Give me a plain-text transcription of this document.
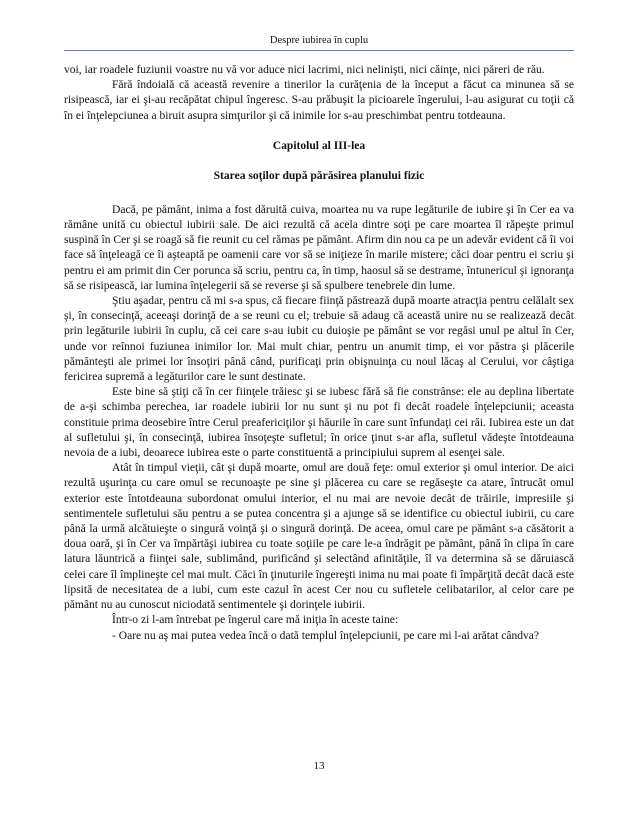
Despre iubirea în cuplu

voi, iar roadele fuziunii voastre nu vă vor aduce nici lacrimi, nici nelinişti, nici căinţe, nici păreri de rău.

Fără îndoială că această revenire a tinerilor la curăţenia de la început a făcut ca minunea să se risipească, iar ei şi-au recăpătat chipul îngeresc. S-au prăbuşit la picioarele îngerului, l-au asigurat cu toţii că în ei înţelepciunea a biruit asupra simţurilor şi că inimile lor s-au preschimbat pentru totdeauna.

Capitolul al III-lea
Starea soţilor după părăsirea planului fizic

Dacă, pe pământ, inima a fost dăruită cuiva, moartea nu va rupe legăturile de iubire şi în Cer ea va rămâne unită cu obiectul iubirii sale. De aici rezultă că acela dintre soţi pe care moartea îl răpeşte primul suspină în Cer şi se roagă să fie reunit cu cel rămas pe pământ. Afirm din nou ca pe un adevăr evident că îi voi face să înţeleagă ce îi aşteaptă pe oamenii care vor să se iniţieze în marile mistere; căci doar pentru ei scriu şi pentru ei am primit din Cer porunca să scriu, pentru ca, în timp, haosul să se destrame, întunericul şi ignoranţa să se risipească, iar lumina înţelegerii să se reverse şi să spulbere tenebrele din lume.

Ştiu aşadar, pentru că mi s-a spus, că fiecare fiinţă păstrează după moarte atracţia pentru celălalt sex şi, în consecinţă, aceeaşi dorinţă de a se reuni cu el; trebuie să adaug că această unire nu se realizează decât prin legăturile iubirii în cuplu, că cei care s-au iubit cu duioşie pe pământ se vor regăsi unul pe altul în Cer, unde vor reînnoi fuziunea inimilor lor. Mai mult chiar, pentru un anumit timp, ei vor păstra şi plăcerile pământeşti ale primei lor însoţiri până când, purificaţi prin obişnuinţa cu noul lăcaş al Cerului, vor câştiga fericirea supremă a legăturilor care le sunt destinate.

Este bine să ştiţi că în cer fiinţele trăiesc şi se iubesc fără să fie constrânse: ele au deplina libertate de a-şi schimba perechea, iar roadele iubirii lor nu sunt şi nu pot fi decât roadele înţelepciunii; aceasta constituie prima deosebire între Cerul preafericiţilor şi hăurile în care sunt înfundaţi cei răi. Iubirea este un dat al sufletului şi, în consecinţă, iubirea însoţeşte sufletul; în orice ţinut s-ar afla, sufletul vădeşte întotdeauna nevoia de a iubi, deoarece iubirea este o parte constituentă a principiului suprem al esenţei sale.

Atât în timpul vieţii, cât şi după moarte, omul are două feţe: omul exterior şi omul interior. De aici rezultă uşurinţa cu care omul se recunoaşte pe sine şi plăcerea cu care se regăseşte ca atare, întrucât omul exterior este întotdeauna subordonat omului interior, el nu mai are nevoie decât de trăirile, impresiile şi sentimentele sufletului său pentru a se putea concentra şi a ajunge să se identifice cu obiectul iubirii, cu care până la urmă alcătuieşte o singură voinţă şi o singură dorinţă. De aceea, omul care pe pământ s-a căsătorit a doua oară, şi în Cer va împărtăşi iubirea cu toate soţiile pe care le-a îndrăgit pe pământ, până în clipa în care latura lăuntrică a fiinţei sale, sublimând, purificând şi selectând afinităţile, îl va determina să se dăruiască celei care îl împlineşte cel mai mult. Căci în ţinuturile îngereşti inima nu mai poate fi împărţită decât dacă este lipsită de necesitatea de a iubi, cum este cazul în acest Cer nou cu sufletele celibatarilor, al celor care pe pământ nu au cunoscut niciodată sentimentele şi dorinţele iubirii.

Într-o zi l-am întrebat pe îngerul care mă iniţia în aceste taine:

- Oare nu aş mai putea vedea încă o dată templul înţelepciunii, pe care mi l-ai arătat cândva?

13
